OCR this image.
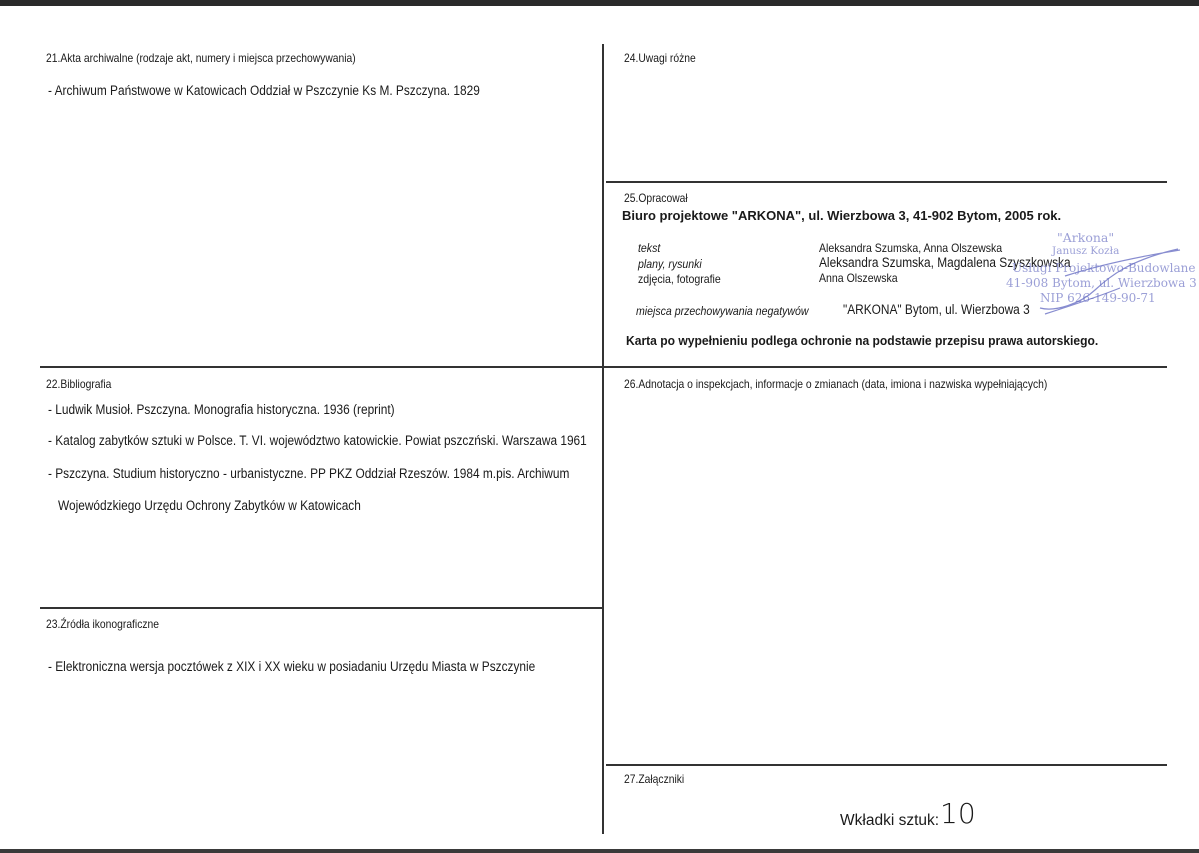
21.Akta archiwalne (rodzaje akt, numery i miejsca przechowywania)
- Archiwum Państwowe w Katowicach Oddział w Pszczynie Ks M. Pszczyna. 1829
24.Uwagi różne
25.Opracował
Biuro projektowe "ARKONA", ul. Wierzbowa 3, 41-902 Bytom, 2005 rok.
tekst	Aleksandra Szumska, Anna Olszewska
plany, rysunki	Aleksandra Szumska, Magdalena Szyszkowska
zdjęcia, fotografie	Anna Olszewska
miejsca przechowywania negatywów	"ARKONA" Bytom, ul. Wierzbowa 3
Karta po wypełnieniu podlega ochronie na podstawie przepisu prawa autorskiego.
"Arkona"
Janusz Kozła
Usługi Projektowo-Budowlane
41-908 Bytom, ul. Wierzbowa 3
NIP 626-149-90-71
22.Bibliografia
- Ludwik Musioł. Pszczyna. Monografia historyczna. 1936 (reprint)
- Katalog zabytków sztuki w Polsce. T. VI. województwo katowickie. Powiat pszczński. Warszawa 1961
- Pszczyna. Studium historyczno - urbanistyczne. PP PKZ Oddział Rzeszów. 1984 m.pis. Archiwum
Wojewódzkiego Urzędu Ochrony Zabytków w Katowicach
26.Adnotacja o inspekcjach, informacje o zmianach (data, imiona i nazwiska wypełniających)
23.Źródła ikonograficzne
- Elektroniczna wersja pocztówek z XIX i XX wieku w posiadaniu Urzędu Miasta w Pszczynie
27.Załączniki
Wkładki sztuk: 10
